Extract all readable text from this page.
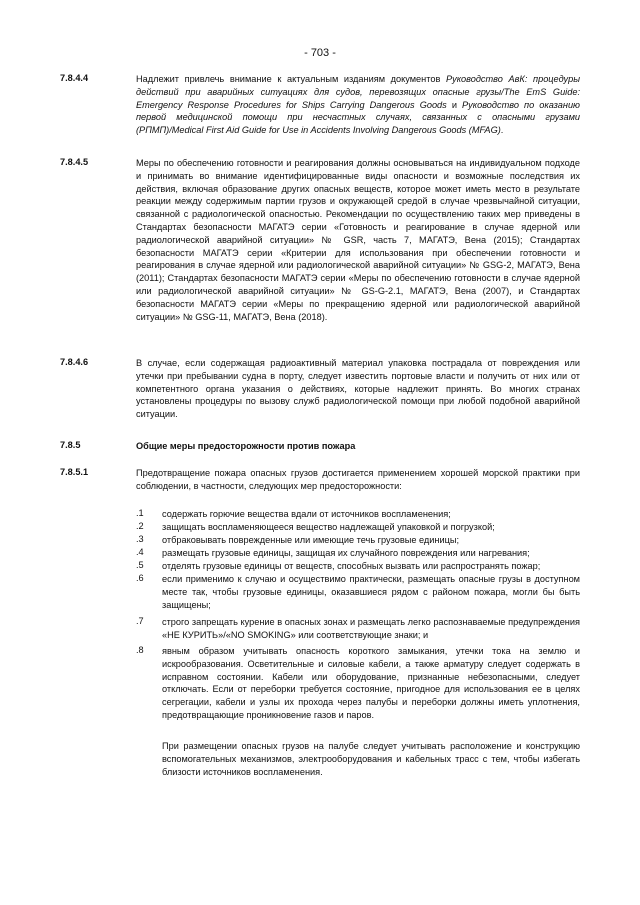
- 703 -
7.8.4.4	Надлежит привлечь внимание к актуальным изданиям документов Руководство АвК: процедуры действий при аварийных ситуациях для судов, перевозящих опасные грузы/The EmS Guide: Emergency Response Procedures for Ships Carrying Dangerous Goods и Руководство по оказанию первой медицинской помощи при несчастных случаях, связанных с опасными грузами (РПМП)/Medical First Aid Guide for Use in Accidents Involving Dangerous Goods (MFAG).
7.8.4.5	Меры по обеспечению готовности и реагирования должны основываться на индивидуальном подходе и принимать во внимание идентифицированные виды опасности и возможные последствия их действия, включая образование других опасных веществ, которое может иметь место в результате реакции между содержимым партии грузов и окружающей средой в случае чрезвычайной ситуации, связанной с радиологической опасностью. Рекомендации по осуществлению таких мер приведены в Стандартах безопасности МАГАТЭ серии «Готовность и реагирование в случае ядерной или радиологической аварийной ситуации» № GSR, часть 7, МАГАТЭ, Вена (2015); Стандартах безопасности МАГАТЭ серии «Критерии для использования при обеспечении готовности и реагирования в случае ядерной или радиологической аварийной ситуации» № GSG-2, МАГАТЭ, Вена (2011); Стандартах безопасности МАГАТЭ серии «Меры по обеспечению готовности в случае ядерной или радиологической аварийной ситуации» № GS-G-2.1, МАГАТЭ, Вена (2007), и Стандартах безопасности МАГАТЭ серии «Меры по прекращению ядерной или радиологической аварийной ситуации» № GSG-11, МАГАТЭ, Вена (2018).
7.8.4.6	В случае, если содержащая радиоактивный материал упаковка пострадала от повреждения или утечки при пребывании судна в порту, следует известить портовые власти и получить от них или от компетентного органа указания о действиях, которые надлежит принять. Во многих странах установлены процедуры по вызову служб радиологической помощи при любой подобной аварийной ситуации.
7.8.5	Общие меры предосторожности против пожара
7.8.5.1	Предотвращение пожара опасных грузов достигается применением хорошей морской практики при соблюдении, в частности, следующих мер предосторожности:
.1 содержать горючие вещества вдали от источников воспламенения;
.2 защищать воспламеняющееся вещество надлежащей упаковкой и погрузкой;
.3 отбраковывать поврежденные или имеющие течь грузовые единицы;
.4 размещать грузовые единицы, защищая их случайного повреждения или нагревания;
.5 отделять грузовые единицы от веществ, способных вызвать или распространять пожар;
.6 если применимо к случаю и осуществимо практически, размещать опасные грузы в доступном месте так, чтобы грузовые единицы, оказавшиеся рядом с районом пожара, могли бы быть защищены;
.7 строго запрещать курение в опасных зонах и размещать легко распознаваемые предупреждения «НЕ КУРИТЬ»/«NO SMOKING» или соответствующие знаки; и
.8 явным образом учитывать опасность короткого замыкания, утечки тока на землю и искрообразования. Осветительные и силовые кабели, а также арматуру следует содержать в исправном состоянии. Кабели или оборудование, признанные небезопасными, следует отключать. Если от переборки требуется состояние, пригодное для использования ее в целях сегрегации, кабели и узлы их прохода через палубы и переборки должны иметь уплотнения, предотвращающие проникновение газов и паров.
При размещении опасных грузов на палубе следует учитывать расположение и конструкцию вспомогательных механизмов, электрооборудования и кабельных трасс с тем, чтобы избегать близости источников воспламенения.
